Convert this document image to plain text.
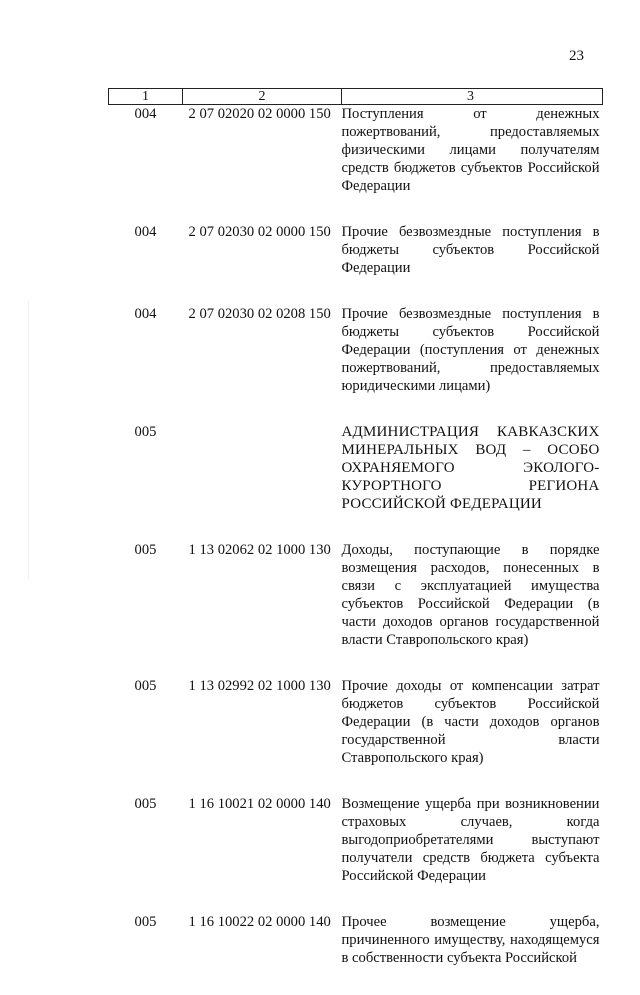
23
1	2	3
004	2 07 02020 02 0000 150	Поступления от денежных пожертвований, предоставляемых физическими лицами получателям средств бюджетов субъектов Российской Федерации

004	2 07 02030 02 0000 150	Прочие безвозмездные поступления в бюджеты субъектов Российской Федерации

004	2 07 02030 02 0208 150	Прочие безвозмездные поступления в бюджеты субъектов Российской Федерации (поступления от денежных пожертвований, предоставляемых юридическими лицами)

005		АДМИНИСТРАЦИЯ КАВКАЗСКИХ МИНЕРАЛЬНЫХ ВОД – ОСОБО ОХРАНЯЕМОГО ЭКОЛОГО-КУРОРТНОГО РЕГИОНА РОССИЙСКОЙ ФЕДЕРАЦИИ

005	1 13 02062 02 1000 130	Доходы, поступающие в порядке возмещения расходов, понесенных в связи с эксплуатацией имущества субъектов Российской Федерации (в части доходов органов государственной власти Ставропольского края)

005	1 13 02992 02 1000 130	Прочие доходы от компенсации затрат бюджетов субъектов Российской Федерации (в части доходов органов государственной власти Ставропольского края)

005	1 16 10021 02 0000 140	Возмещение ущерба при возникновении страховых случаев, когда выгодоприобретателями выступают получатели средств бюджета субъекта Российской Федерации

005	1 16 10022 02 0000 140	Прочее возмещение ущерба, причиненного имуществу, находящемуся в собственности субъекта Российской
